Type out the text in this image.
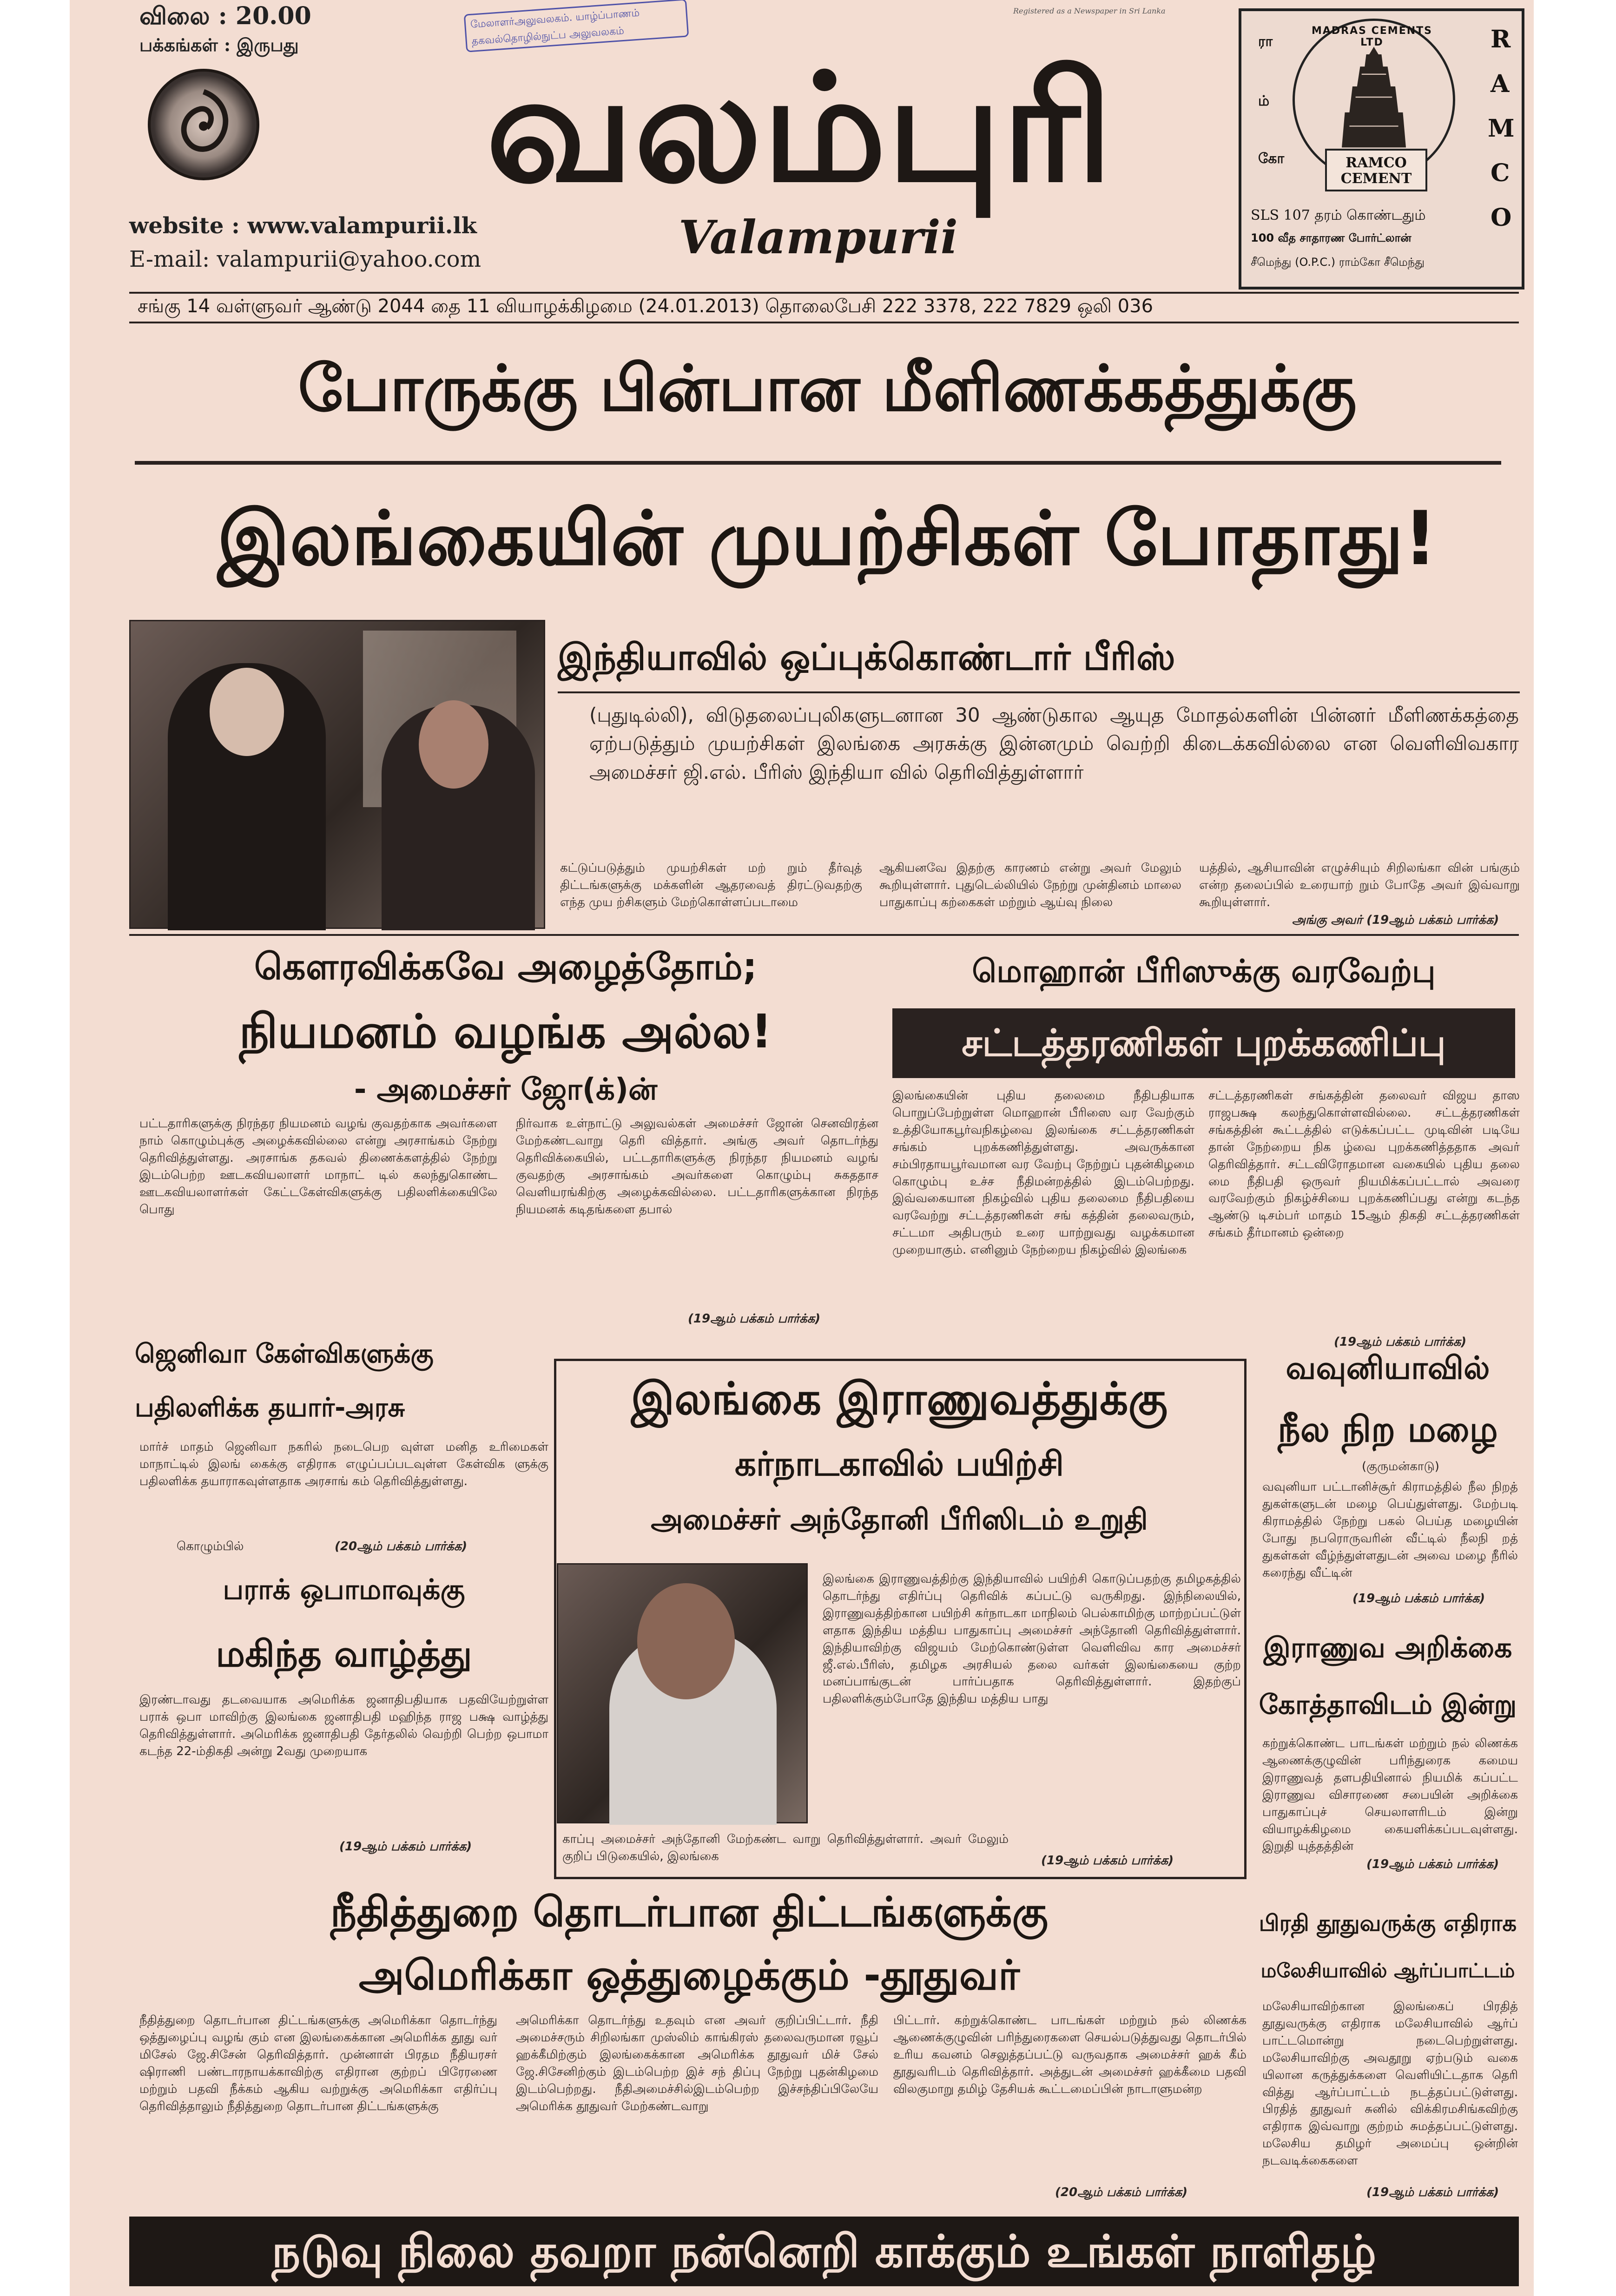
விலை : 20.00
பக்கங்கள் : இருபது
மேலாளர்அலுவலகம். யாழ்ப்பாணம்
தகவல்தொழில்நுட்ப அலுவலகம்
Registered as a Newspaper in Sri Lanka
வலம்புரி
Valampurii
website : www.valampurii.lk
E-mail: valampurii@yahoo.com
ரா
ம்
கோ
MADRAS CEMENTS LTD
RAMCO CEMENT
R
A
M
C
O
SLS 107 தரம் கொண்டதும்
100 வீத சாதாரண போர்ட்லான்
சீமெந்து (O.P.C.) ராம்கோ சீமெந்து
சங்கு 14 வள்ளுவர் ஆண்டு 2044 தை 11 வியாழக்கிழமை (24.01.2013) தொலைபேசி 222 3378, 222 7829 ஒலி 036
போருக்கு பின்பான மீளிணக்கத்துக்கு
இலங்கையின் முயற்சிகள் போதாது!
இந்தியாவில் ஒப்புக்கொண்டார் பீரிஸ்
(புதுடில்லி), விடுதலைப்புலிகளுடனான 30 ஆண்டுகால ஆயுத மோதல்களின் பின்னர் மீளிணக்கத்தை ஏற்படுத்தும் முயற்சிகள் இலங்கை அரசுக்கு இன்னமும் வெற்றி கிடைக்கவில்லை என வெளிவிவகார அமைச்சர் ஜி.எல். பீரிஸ் இந்தியா வில் தெரிவித்துள்ளார்
கட்டுப்படுத்தும் முயற்சிகள் மற் றும் தீர்வுத் திட்டங்களுக்கு மக்களின் ஆதரவைத் திரட்டுவதற்கு எந்த முய ற்சிகளும் மேற்கொள்ளப்படாமை
ஆகியனவே இதற்கு காரணம் என்று அவர் மேலும் கூறியுள்ளார். புதுடெல்லியில் நேற்று முன்தினம் மாலை பாதுகாப்பு கற்கைகள் மற்றும் ஆய்வு நிலை
யத்தில், ஆசியாவின் எழுச்சியும் சிறிலங்கா வின் பங்கும் என்ற தலைப்பில் உரையாற் றும் போதே அவர் இவ்வாறு கூறியுள்ளார்.
அங்கு அவர் (19ஆம் பக்கம் பார்க்க)
கௌரவிக்கவே அழைத்தோம்;
நியமனம் வழங்க அல்ல!
- அமைச்சர் ஜோ(க்)ன்
பட்டதாரிகளுக்கு நிரந்தர நியமனம் வழங் குவதற்காக அவர்களை நாம் கொழும்புக்கு அழைக்கவில்லை என்று அரசாங்கம் நேற்று தெரிவித்துள்ளது. அரசாங்க தகவல் திணைக்களத்தில் நேற்று இடம்பெற்ற ஊடகவியலாளர் மாநாட் டில் கலந்துகொண்ட ஊடகவியலாளர்கள் கேட்டகேள்விகளுக்கு பதிலளிக்கையிலே பொது
நிர்வாக உள்நாட்டு அலுவல்கள் அமைச்சர் ஜோன் செனவிரத்ன மேற்கண்டவாறு தெரி வித்தார். அங்கு அவர் தொடர்ந்து தெரிவிக்கையில், பட்டதாரிகளுக்கு நிரந்தர நியமனம் வழங் குவதற்கு அரசாங்கம் அவர்களை கொழும்பு சுகததாச வெளியரங்கிற்கு அழைக்கவில்லை. பட்டதாரிகளுக்கான நிரந்த நியமனக் கடிதங்களை தபால்
(19ஆம் பக்கம் பார்க்க)
மொஹான் பீரிஸுக்கு வரவேற்பு
சட்டத்தரணிகள் புறக்கணிப்பு
இலங்கையின் புதிய தலைமை நீதிபதியாக பொறுப்பேற்றுள்ள மொஹான் பீரிஸை வர வேற்கும் உத்தியோகபூர்வநிகழ்வை இலங்கை சட்டத்தரணிகள் சங்கம் புறக்கணித்துள்ளது. அவருக்கான சம்பிரதாயபூர்வமான வர வேற்பு நேற்றுப் புதன்கிழமை கொழும்பு உச்ச நீதிமன்றத்தில் இடம்பெற்றது. இவ்வகையான நிகழ்வில் புதிய தலைமை நீதிபதியை வரவேற்று சட்டத்தரணிகள் சங் கத்தின் தலைவரும், சட்டமா அதிபரும் உரை யாற்றுவது வழக்கமான முறையாகும். எனினும் நேற்றைய நிகழ்வில் இலங்கை
சட்டத்தரணிகள் சங்கத்தின் தலைவர் விஜய தாஸ ராஜபக்ஷ கலந்துகொள்ளவில்லை. சட்டத்தரணிகள் சங்கத்தின் கூட்டத்தில் எடுக்கப்பட்ட முடிவின் படியே தான் நேற்றைய நிக ழ்வை புறக்கணித்ததாக அவர் தெரிவித்தார். சட்டவிரோதமான வகையில் புதிய தலை மை நீதிபதி ஒருவர் நியமிக்கப்பட்டால் அவரை வரவேற்கும் நிகழ்ச்சியை புறக்கணிப்பது என்று கடந்த ஆண்டு டிசம்பர் மாதம் 15ஆம் திகதி சட்டத்தரணிகள் சங்கம் தீர்மானம் ஒன்றை
(19ஆம் பக்கம் பார்க்க)
ஜெனிவா கேள்விகளுக்கு
பதிலளிக்க தயார்-அரசு
மார்ச் மாதம் ஜெனிவா நகரில் நடைபெற வுள்ள மனித உரிமைகள் மாநாட்டில் இலங் கைக்கு எதிராக எழுப்பப்படவுள்ள கேள்விக ளுக்கு பதிலளிக்க தயாராகவுள்ளதாக அரசாங் கம் தெரிவித்துள்ளது.
கொழும்பில்	(20ஆம் பக்கம் பார்க்க)
பராக் ஒபாமாவுக்கு
மகிந்த வாழ்த்து
இரண்டாவது தடவையாக அமெரிக்க ஜனாதிபதியாக பதவியேற்றுள்ள பராக் ஒபா மாவிற்கு இலங்கை ஜனாதிபதி மஹிந்த ராஜ பக்ஷ வாழ்த்து தெரிவித்துள்ளார். அமெரிக்க ஜனாதிபதி தேர்தலில் வெற்றி பெற்ற ஒபாமா கடந்த 22-ம்திகதி அன்று 2வது முறையாக
(19ஆம் பக்கம் பார்க்க)
இலங்கை இராணுவத்துக்கு
கர்நாடகாவில் பயிற்சி
அமைச்சர் அந்தோனி பீரிஸிடம் உறுதி
இலங்கை இராணுவத்திற்கு இந்தியாவில் பயிற்சி கொடுப்பதற்கு தமிழகத்தில் தொடர்ந்து எதிர்ப்பு தெரிவிக் கப்பட்டு வருகிறது. இந்நிலையில், இராணுவத்திற்கான பயிற்சி கர்நாடகா மாநிலம் பெல்காமிற்கு மாற்றப்பட்டுள் ளதாக இந்திய மத்திய பாதுகாப்பு அமைச்சர் அந்தோனி தெரிவித்துள்ளார். இந்தியாவிற்கு விஜயம் மேற்கொண்டுள்ள வெளிவிவ கார அமைச்சர் ஜீ.எல்.பீரிஸ், தமிழக அரசியல் தலை வர்கள் இலங்கையை குற்ற மனப்பாங்குடன் பார்ப்பதாக தெரிவித்துள்ளார். இதற்குப் பதிலளிக்கும்போதே இந்திய மத்திய பாது
காப்பு அமைச்சர் அந்தோனி மேற்கண்ட வாறு தெரிவித்துள்ளார். அவர் மேலும் குறிப் பிடுகையில், இலங்கை	(19ஆம் பக்கம் பார்க்க)
வவுனியாவில்
நீல நிற மழை
(குருமன்காடு)
வவுனியா பட்டானிச்சூர் கிராமத்தில் நீல நிறத் துகள்களுடன் மழை பெய்துள்ளது. மேற்படி கிராமத்தில் நேற்று பகல் பெய்த மழையின் போது நபரொருவரின் வீட்டில் நீலநி றத் துகள்கள் வீழ்ந்துள்ளதுடன் அவை மழை நீரில் கரைந்து வீட்டின்
(19ஆம் பக்கம் பார்க்க)
இராணுவ அறிக்கை
கோத்தாவிடம் இன்று
கற்றுக்கொண்ட பாடங்கள் மற்றும் நல் லிணக்க ஆணைக்குழுவின் பரிந்துரைக கமைய இராணுவத் தளபதியினால் நியமிக் கப்பட்ட இராணுவ விசாரணை சபையின் அறிக்கை பாதுகாப்புச் செயலாளரிடம் இன்று வியாழக்கிழமை கையளிக்கப்படவுள்ளது. இறுதி யுத்தத்தின்
(19ஆம் பக்கம் பார்க்க)
நீதித்துறை தொடர்பான திட்டங்களுக்கு
அமெரிக்கா ஒத்துழைக்கும் -தூதுவர்
நீதித்துறை தொடர்பான திட்டங்களுக்கு அமெரிக்கா தொடர்ந்து ஒத்துழைப்பு வழங் கும் என இலங்கைக்கான அமெரிக்க தூது வர் மிசேல் ஜே.சிசேன் தெரிவித்தார். முன்னாள் பிரதம நீதியரசர் ஷிராணி பண்டாரநாயக்காவிற்கு எதிரான குற்றப் பிரேரணை மற்றும் பதவி நீக்கம் ஆகிய வற்றுக்கு அமெரிக்கா எதிர்ப்பு தெரிவித்தாலும் நீதித்துறை தொடர்பான திட்டங்களுக்கு
அமெரிக்கா தொடர்ந்து உதவும் என அவர் குறிப்பிட்டார். நீதி அமைச்சரும் சிறிலங்கா முஸ்லிம் காங்கிரஸ் தலைவருமான ரவூப் ஹக்கீமிற்கும் இலங்கைக்கான அமெரிக்க தூதுவர் மிச் சேல் ஜே.சிசேனிற்கும் இடம்பெற்ற இச் சந் திப்பு நேற்று புதன்கிழமை இடம்பெற்றது. நீதிஅமைச்சில்இடம்பெற்ற இச்சந்திப்பிலேயே அமெரிக்க தூதுவர் மேற்கண்டவாறு
பிட்டார். கற்றுக்கொண்ட பாடங்கள் மற்றும் நல் லிணக்க ஆணைக்குழுவின் பரிந்துரைகளை செயல்படுத்துவது தொடர்பில் உரிய கவனம் செலுத்தப்பட்டு வருவதாக அமைச்சர் ஹக் கீம் தூதுவரிடம் தெரிவித்தார். அத்துடன் அமைச்சர் ஹக்கீமை பதவி விலகுமாறு தமிழ் தேசியக் கூட்டமைப்பின் நாடாளுமன்ற
(20ஆம் பக்கம் பார்க்க)
பிரதி தூதுவருக்கு எதிராக
மலேசியாவில் ஆர்ப்பாட்டம்
மலேசியாவிற்கான இலங்கைப் பிரதித் தூதுவருக்கு எதிராக மலேசியாவில் ஆர்ப் பாட்டமொன்று நடைபெற்றுள்ளது. மலேசியாவிற்கு அவதூறு ஏற்படும் வகை யிலான கருத்துக்களை வெளியிட்டதாக தெரி வித்து ஆர்ப்பாட்டம் நடத்தப்பட்டுள்ளது. பிரதித் தூதுவர் சுனில் விக்கிரமசிங்கவிற்கு எதிராக இவ்வாறு குற்றம் சுமத்தப்பட்டுள்ளது. மலேசிய தமிழர் அமைப்பு ஒன்றின் நடவடிக்கைகளை
(19ஆம் பக்கம் பார்க்க)
நடுவு நிலை தவறா நன்னெறி காக்கும் உங்கள் நாளிதழ்
